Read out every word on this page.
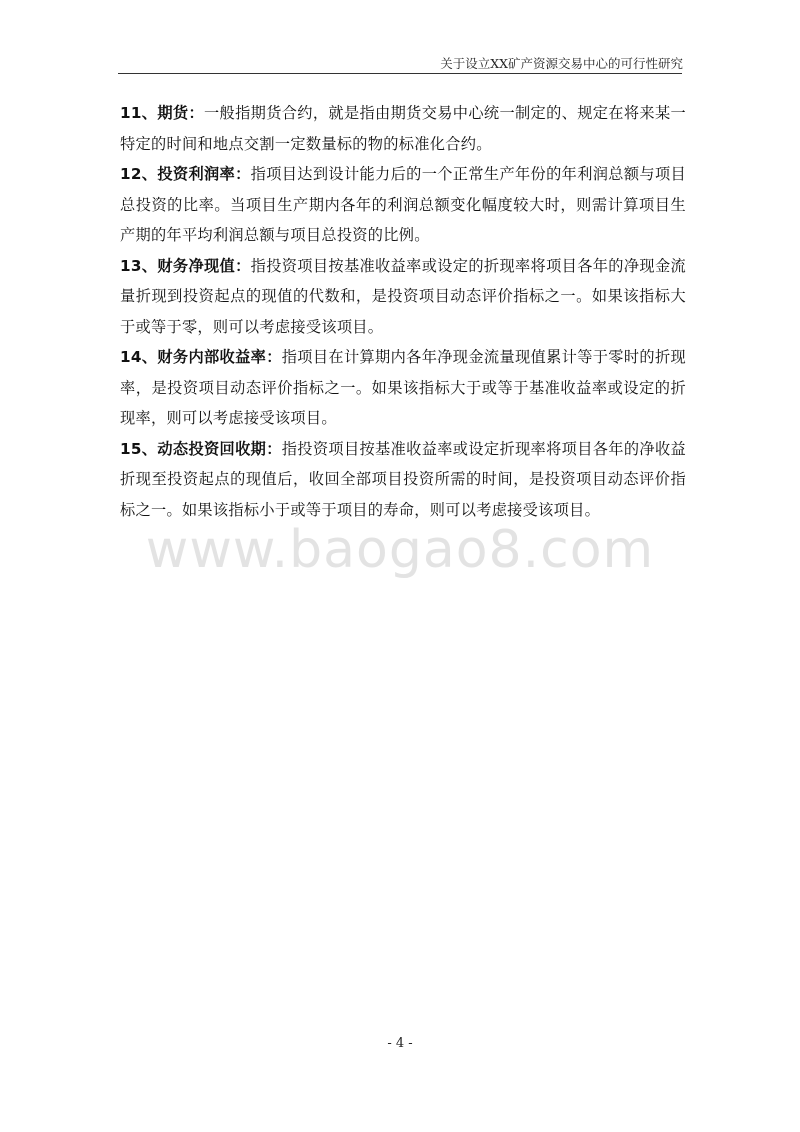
关于设立XX矿产资源交易中心的可行性研究

11、期货：一般指期货合约，就是指由期货交易中心统一制定的、规定在将来某一特定的时间和地点交割一定数量标的物的标准化合约。

12、投资利润率：指项目达到设计能力后的一个正常生产年份的年利润总额与项目总投资的比率。当项目生产期内各年的利润总额变化幅度较大时，则需计算项目生产期的年平均利润总额与项目总投资的比例。

13、财务净现值：指投资项目按基准收益率或设定的折现率将项目各年的净现金流量折现到投资起点的现值的代数和，是投资项目动态评价指标之一。如果该指标大于或等于零，则可以考虑接受该项目。

14、财务内部收益率：指项目在计算期内各年净现金流量现值累计等于零时的折现率，是投资项目动态评价指标之一。如果该指标大于或等于基准收益率或设定的折现率，则可以考虑接受该项目。

15、动态投资回收期：指投资项目按基准收益率或设定折现率将项目各年的净收益折现至投资起点的现值后，收回全部项目投资所需的时间，是投资项目动态评价指标之一。如果该指标小于或等于项目的寿命，则可以考虑接受该项目。

www.baogao8.com
- 4 -
